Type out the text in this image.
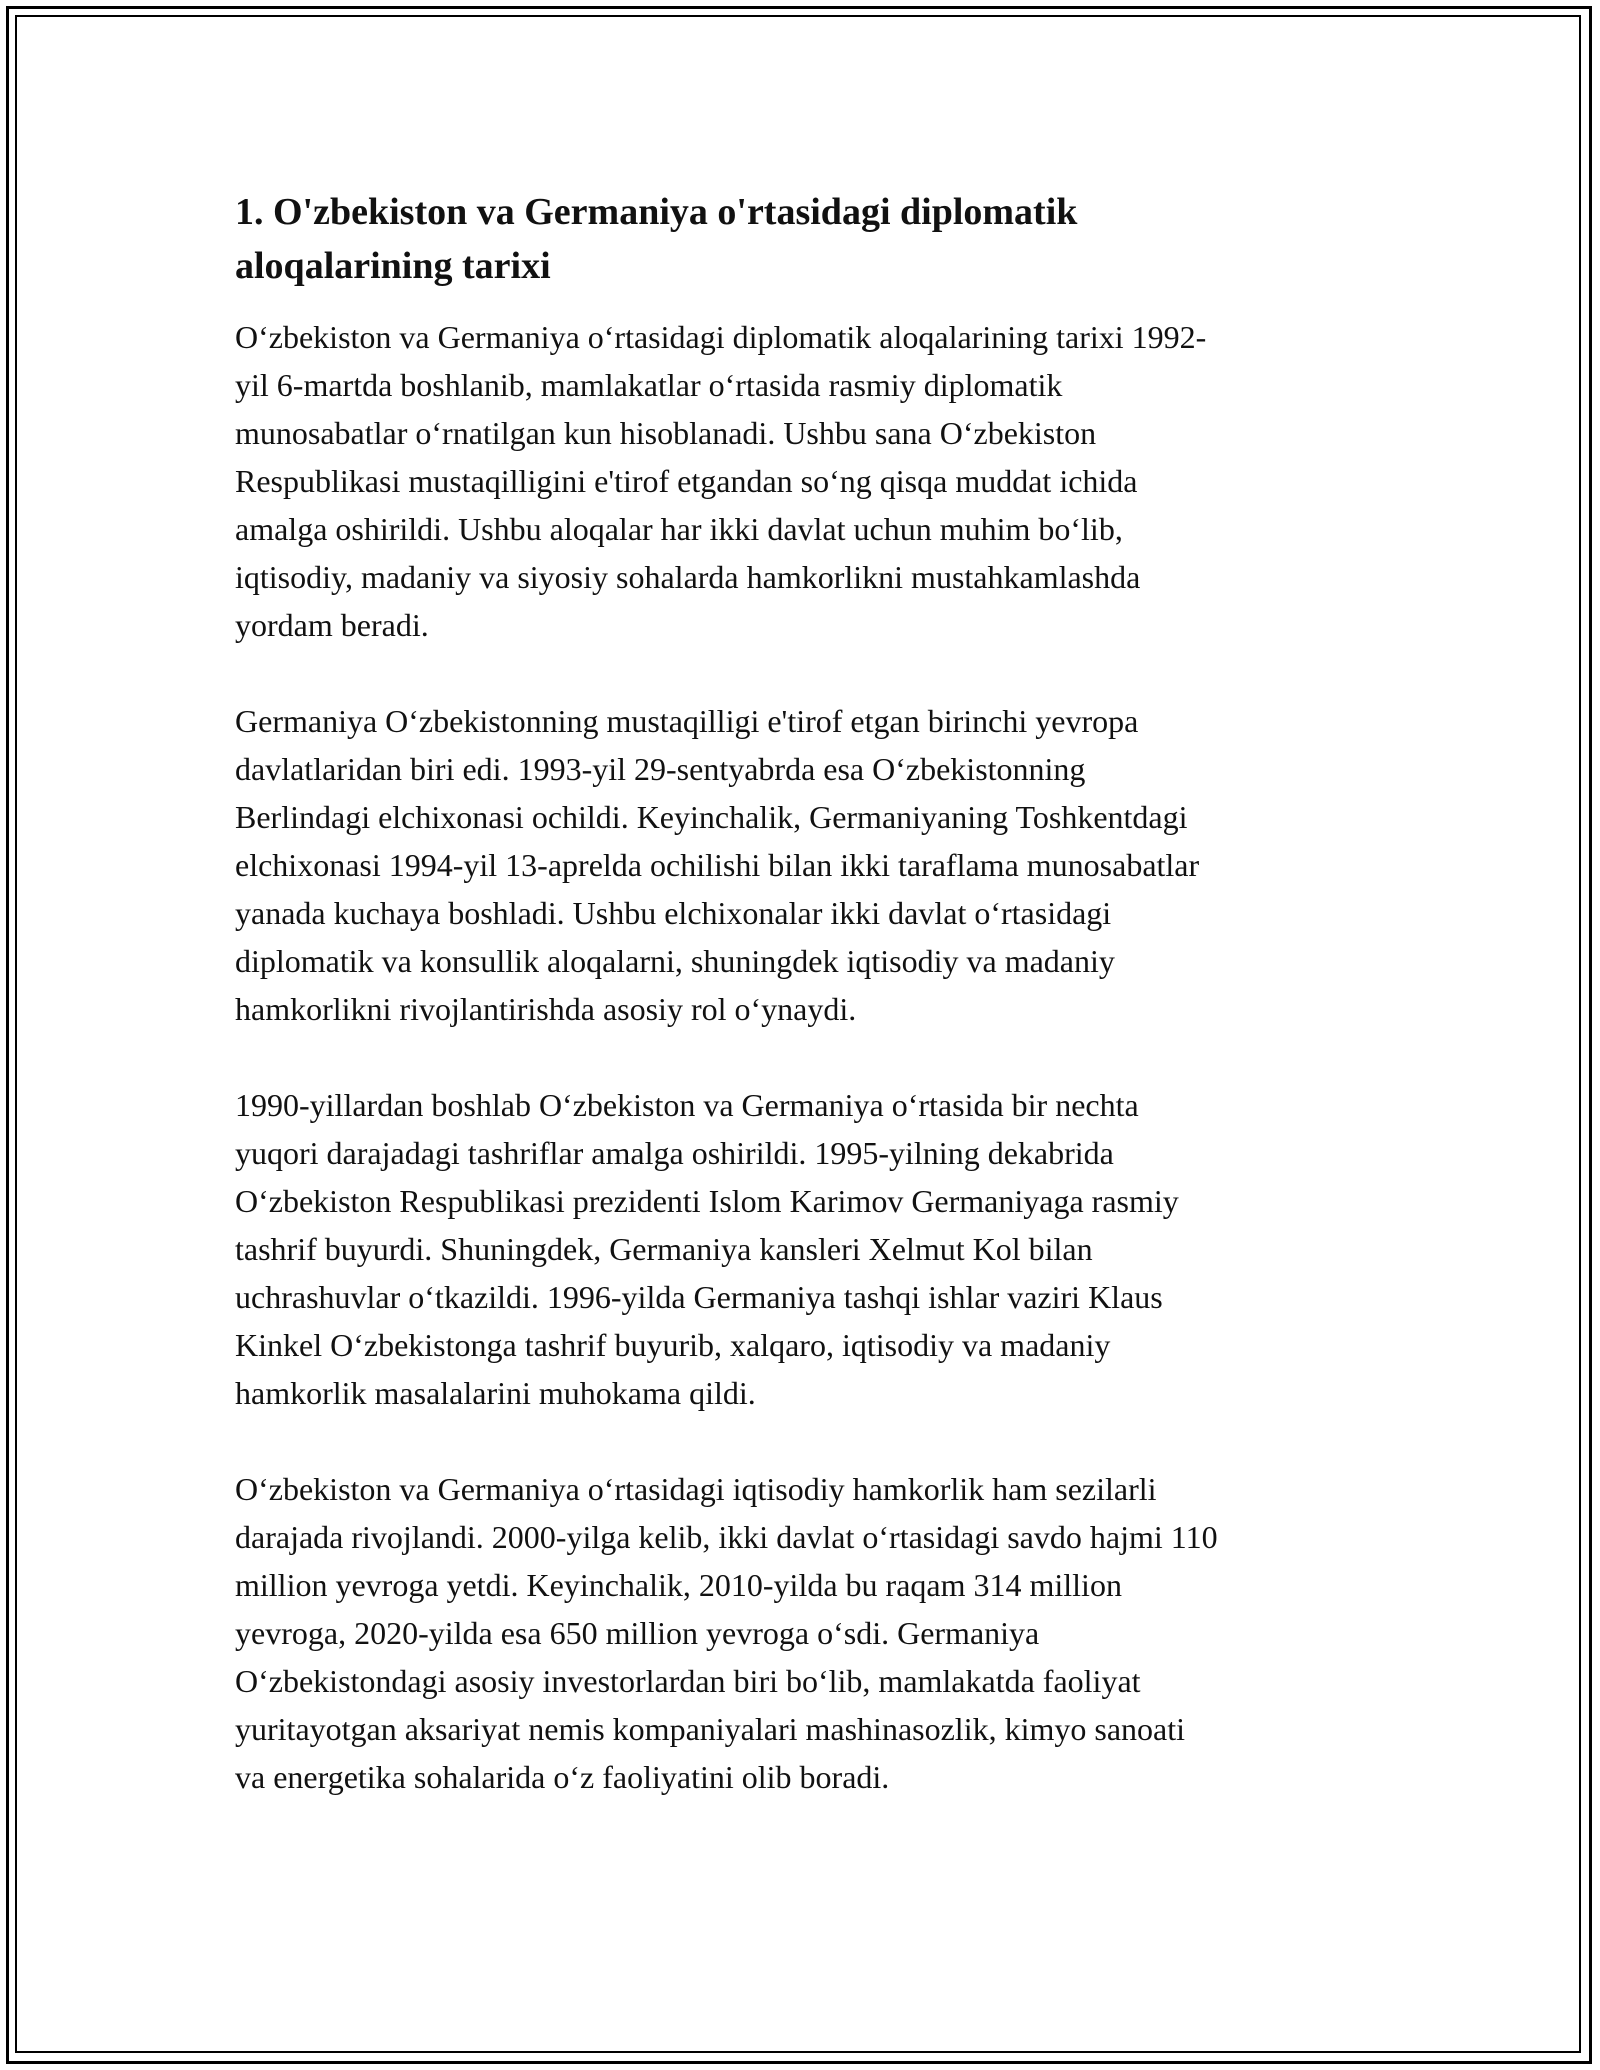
1. O'zbekiston va Germaniya o'rtasidagi diplomatik aloqalarining tarixi

O‘zbekiston va Germaniya o‘rtasidagi diplomatik aloqalarining tarixi 1992-
yil 6-martda boshlanib, mamlakatlar o‘rtasida rasmiy diplomatik
munosabatlar o‘rnatilgan kun hisoblanadi. Ushbu sana O‘zbekiston
Respublikasi mustaqilligini e'tirof etgandan so‘ng qisqa muddat ichida
amalga oshirildi. Ushbu aloqalar har ikki davlat uchun muhim bo‘lib,
iqtisodiy, madaniy va siyosiy sohalarda hamkorlikni mustahkamlashda
yordam beradi.

Germaniya O‘zbekistonning mustaqilligi e'tirof etgan birinchi yevropa
davlatlaridan biri edi. 1993-yil 29-sentyabrda esa O‘zbekistonning
Berlindagi elchixonasi ochildi. Keyinchalik, Germaniyaning Toshkentdagi
elchixonasi 1994-yil 13-aprelda ochilishi bilan ikki taraflama munosabatlar
yanada kuchaya boshladi. Ushbu elchixonalar ikki davlat o‘rtasidagi
diplomatik va konsullik aloqalarni, shuningdek iqtisodiy va madaniy
hamkorlikni rivojlantirishda asosiy rol o‘ynaydi.

1990-yillardan boshlab O‘zbekiston va Germaniya o‘rtasida bir nechta
yuqori darajadagi tashriflar amalga oshirildi. 1995-yilning dekabrida
O‘zbekiston Respublikasi prezidenti Islom Karimov Germaniyaga rasmiy
tashrif buyurdi. Shuningdek, Germaniya kansleri Xelmut Kol bilan
uchrashuvlar o‘tkazildi. 1996-yilda Germaniya tashqi ishlar vaziri Klaus
Kinkel O‘zbekistonga tashrif buyurib, xalqaro, iqtisodiy va madaniy
hamkorlik masalalarini muhokama qildi.

O‘zbekiston va Germaniya o‘rtasidagi iqtisodiy hamkorlik ham sezilarli
darajada rivojlandi. 2000-yilga kelib, ikki davlat o‘rtasidagi savdo hajmi 110
million yevroga yetdi. Keyinchalik, 2010-yilda bu raqam 314 million
yevroga, 2020-yilda esa 650 million yevroga o‘sdi. Germaniya
O‘zbekistondagi asosiy investorlardan biri bo‘lib, mamlakatda faoliyat
yuritayotgan aksariyat nemis kompaniyalari mashinasozlik, kimyo sanoati
va energetika sohalarida o‘z faoliyatini olib boradi.
